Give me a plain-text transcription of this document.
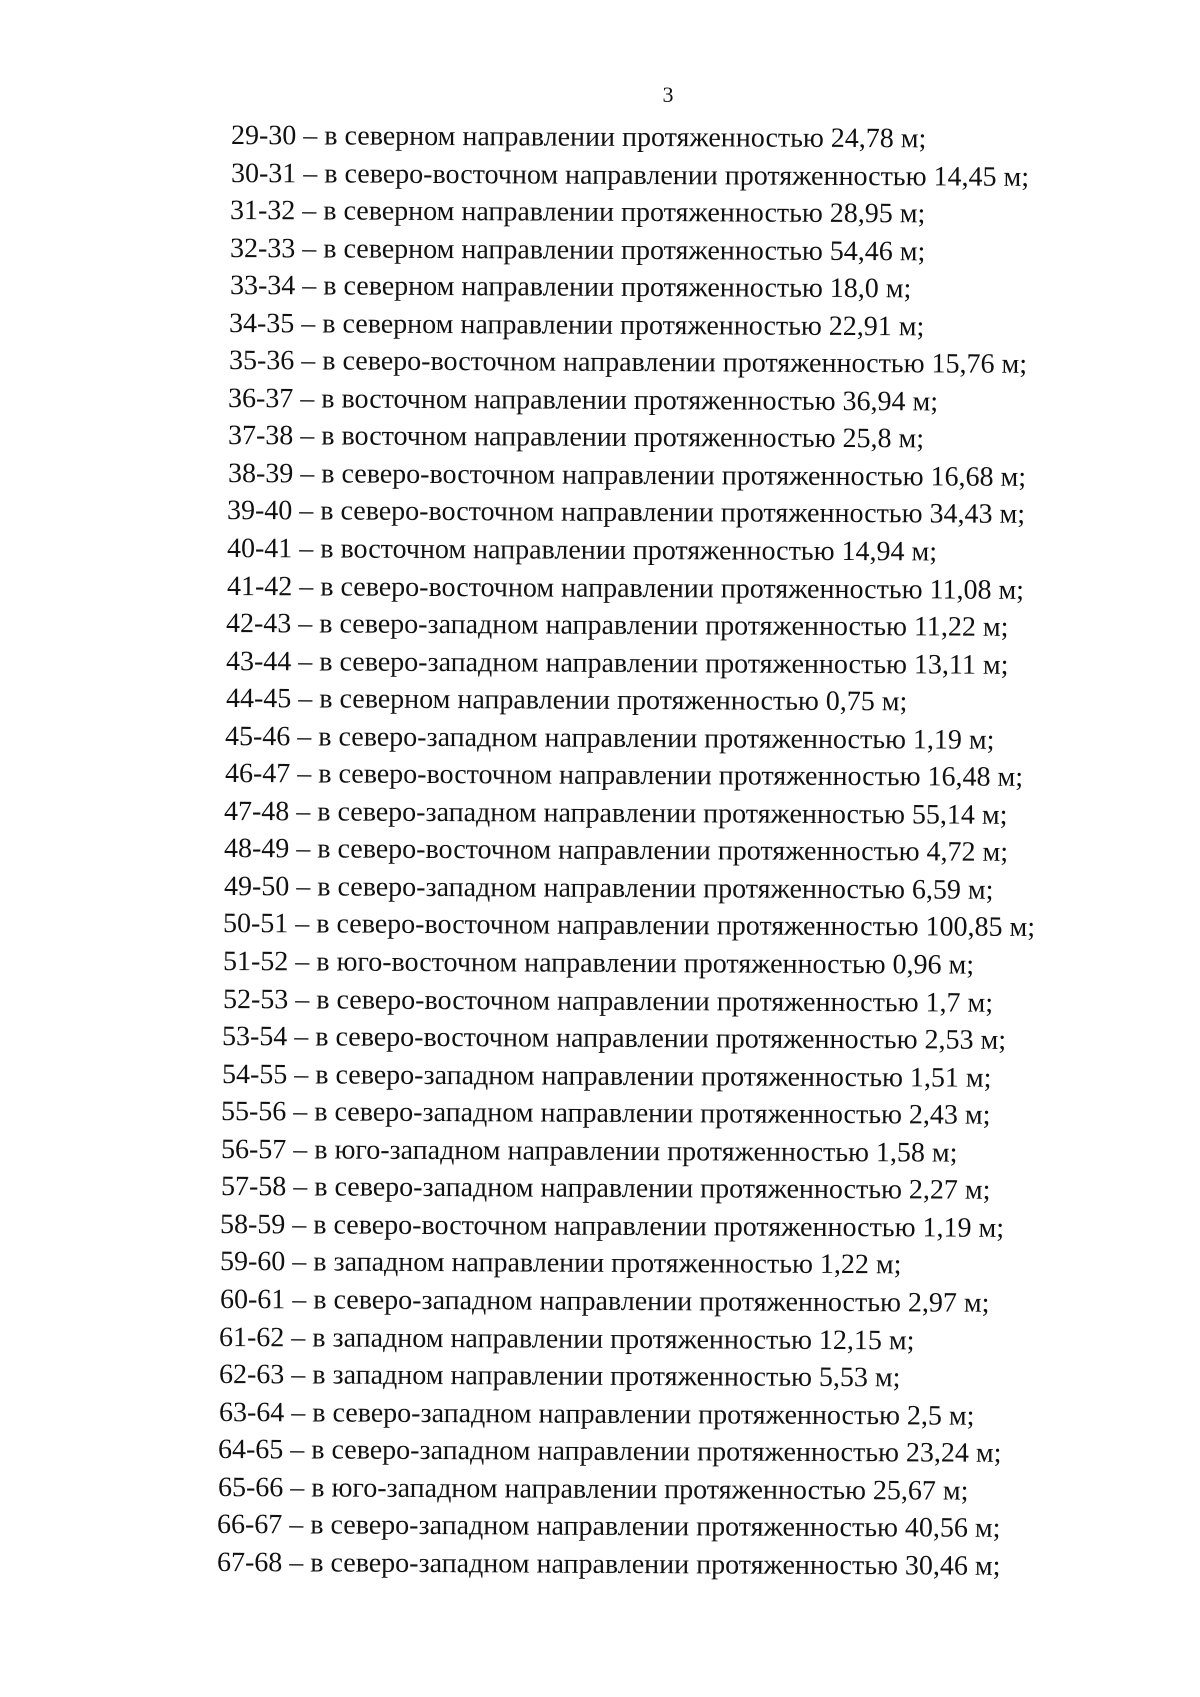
3
29-30 – в северном направлении протяженностью 24,78 м;
30-31 – в северо-восточном направлении протяженностью 14,45 м;
31-32 – в северном направлении протяженностью 28,95 м;
32-33 – в северном направлении протяженностью 54,46 м;
33-34 – в северном направлении протяженностью 18,0 м;
34-35 – в северном направлении протяженностью 22,91 м;
35-36 – в северо-восточном направлении протяженностью 15,76 м;
36-37 – в восточном направлении протяженностью 36,94 м;
37-38 – в восточном направлении протяженностью 25,8 м;
38-39 – в северо-восточном направлении протяженностью 16,68 м;
39-40 – в северо-восточном направлении протяженностью 34,43 м;
40-41 – в восточном направлении протяженностью 14,94 м;
41-42 – в северо-восточном направлении протяженностью 11,08 м;
42-43 – в северо-западном направлении протяженностью 11,22 м;
43-44 – в северо-западном направлении протяженностью 13,11 м;
44-45 – в северном направлении протяженностью 0,75 м;
45-46 – в северо-западном направлении протяженностью 1,19 м;
46-47 – в северо-восточном направлении протяженностью 16,48 м;
47-48 – в северо-западном направлении протяженностью 55,14 м;
48-49 – в северо-восточном направлении протяженностью 4,72 м;
49-50 – в северо-западном направлении протяженностью 6,59 м;
50-51 – в северо-восточном направлении протяженностью 100,85 м;
51-52 – в юго-восточном направлении протяженностью 0,96 м;
52-53 – в северо-восточном направлении протяженностью 1,7 м;
53-54 – в северо-восточном направлении протяженностью 2,53 м;
54-55 – в северо-западном направлении протяженностью 1,51 м;
55-56 – в северо-западном направлении протяженностью 2,43 м;
56-57 – в юго-западном направлении протяженностью 1,58 м;
57-58 – в северо-западном направлении протяженностью 2,27 м;
58-59 – в северо-восточном направлении протяженностью 1,19 м;
59-60 – в западном направлении протяженностью 1,22 м;
60-61 – в северо-западном направлении протяженностью 2,97 м;
61-62 – в западном направлении протяженностью 12,15 м;
62-63 – в западном направлении протяженностью 5,53 м;
63-64 – в северо-западном направлении протяженностью 2,5 м;
64-65 – в северо-западном направлении протяженностью 23,24 м;
65-66 – в юго-западном направлении протяженностью 25,67 м;
66-67 – в северо-западном направлении протяженностью 40,56 м;
67-68 – в северо-западном направлении протяженностью 30,46 м;
